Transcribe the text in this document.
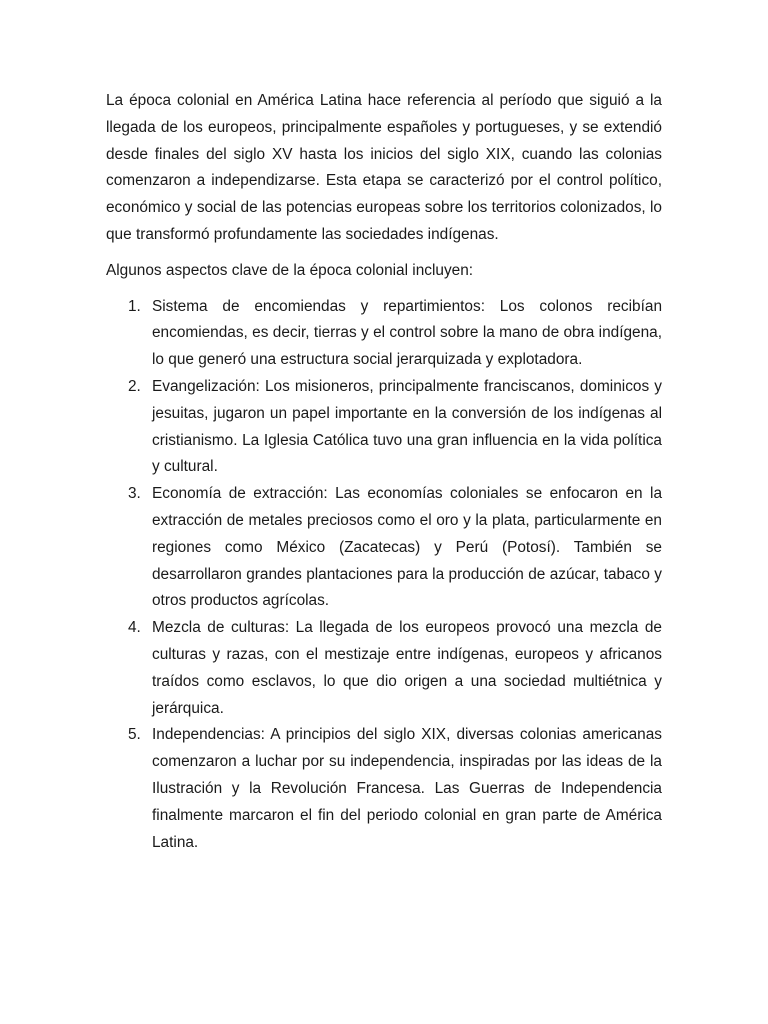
La época colonial en América Latina hace referencia al período que siguió a la llegada de los europeos, principalmente españoles y portugueses, y se extendió desde finales del siglo XV hasta los inicios del siglo XIX, cuando las colonias comenzaron a independizarse. Esta etapa se caracterizó por el control político, económico y social de las potencias europeas sobre los territorios colonizados, lo que transformó profundamente las sociedades indígenas.

Algunos aspectos clave de la época colonial incluyen:

1. Sistema de encomiendas y repartimientos: Los colonos recibían encomiendas, es decir, tierras y el control sobre la mano de obra indígena, lo que generó una estructura social jerarquizada y explotadora.
2. Evangelización: Los misioneros, principalmente franciscanos, dominicos y jesuitas, jugaron un papel importante en la conversión de los indígenas al cristianismo. La Iglesia Católica tuvo una gran influencia en la vida política y cultural.
3. Economía de extracción: Las economías coloniales se enfocaron en la extracción de metales preciosos como el oro y la plata, particularmente en regiones como México (Zacatecas) y Perú (Potosí). También se desarrollaron grandes plantaciones para la producción de azúcar, tabaco y otros productos agrícolas.
4. Mezcla de culturas: La llegada de los europeos provocó una mezcla de culturas y razas, con el mestizaje entre indígenas, europeos y africanos traídos como esclavos, lo que dio origen a una sociedad multiétnica y jerárquica.
5. Independencias: A principios del siglo XIX, diversas colonias americanas comenzaron a luchar por su independencia, inspiradas por las ideas de la Ilustración y la Revolución Francesa. Las Guerras de Independencia finalmente marcaron el fin del periodo colonial en gran parte de América Latina.
